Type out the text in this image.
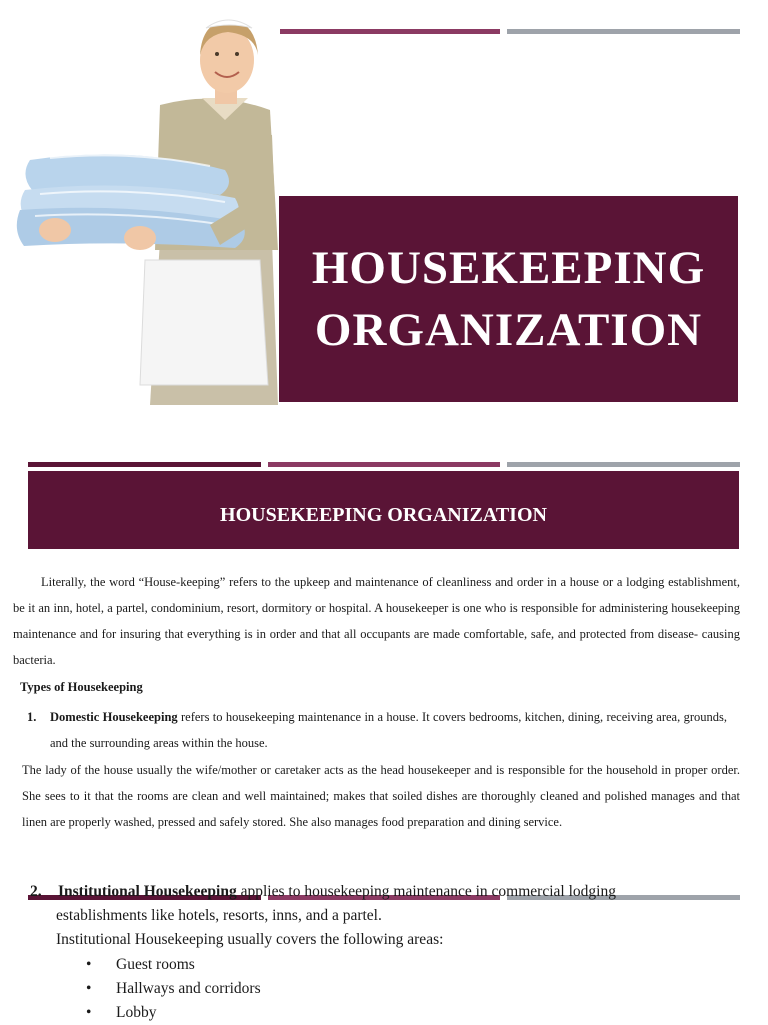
HOUSEKEEPING
ORGANIZATION
HOUSEKEEPING ORGANIZATION
Literally, the word “House-keeping” refers to the upkeep and maintenance of cleanliness and order in a house or a lodging establishment, be it an inn, hotel, a partel, condominium, resort, dormitory or hospital. A housekeeper is one who is responsible for administering housekeeping maintenance and for insuring that everything is in order and that all occupants are made comfortable, safe, and protected from disease- causing bacteria.
Types of Housekeeping
1.	Domestic Housekeeping refers to housekeeping maintenance in a house. It covers bedrooms, kitchen, dining, receiving area, grounds, and the surrounding areas within the house.
The lady of the house usually the wife/mother or caretaker acts as the head housekeeper and is responsible for the household in proper order. She sees to it that the rooms are clean and well maintained; makes that soiled dishes are thoroughly cleaned and polished manages and that linen are properly washed, pressed and safely stored. She also manages food preparation and dining service.
2. Institutional Housekeeping applies to housekeeping maintenance in commercial lodging
establishments like hotels, resorts, inns, and a partel.
Institutional Housekeeping usually covers the following areas:
• Guest rooms
• Hallways and corridors
• Lobby
